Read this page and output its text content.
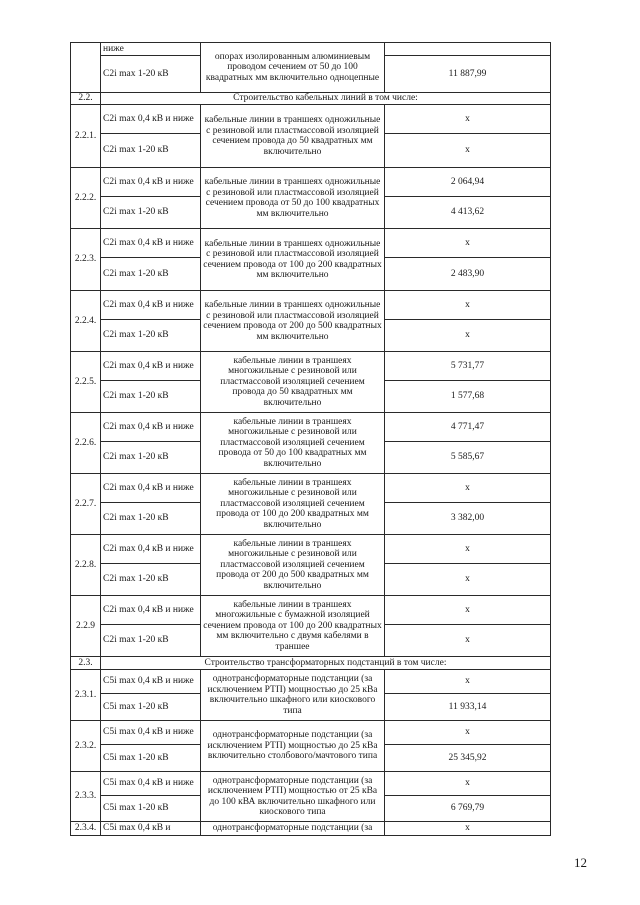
	ниже	опорах изолированным алюминиевым проводом сечением от 50 до 100 квадратных мм включительно одноцепные	
	C2i max 1-20 кВ		11 887,99
2.2.	Строительство кабельных линий в том числе:		
2.2.1.	C2i max 0,4 кВ и ниже	кабельные линии в траншеях одножильные с резиновой или пластмассовой изоляцией сечением провода до 50 квадратных мм включительно	x
	C2i max 1-20 кВ		x
2.2.2.	C2i max 0,4 кВ и ниже	кабельные линии в траншеях одножильные с резиновой или пластмассовой изоляцией сечением провода от 50 до 100 квадратных мм включительно	2 064,94
	C2i max 1-20 кВ		4 413,62
2.2.3.	C2i max 0,4 кВ и ниже	кабельные линии в траншеях одножильные с резиновой или пластмассовой изоляцией сечением провода от 100 до 200 квадратных мм включительно	x
	C2i max 1-20 кВ		2 483,90
2.2.4.	C2i max 0,4 кВ и ниже	кабельные линии в траншеях одножильные с резиновой или пластмассовой изоляцией сечением провода от 200 до 500 квадратных мм включительно	x
	C2i max 1-20 кВ		x
2.2.5.	C2i max 0,4 кВ и ниже	кабельные линии в траншеях многожильные с резиновой или пластмассовой изоляцией сечением провода до 50 квадратных мм включительно	5 731,77
	C2i max 1-20 кВ		1 577,68
2.2.6.	C2i max 0,4 кВ и ниже	кабельные линии в траншеях многожильные с резиновой или пластмассовой изоляцией сечением провода от 50 до 100 квадратных мм включительно	4 771,47
	C2i max 1-20 кВ		5 585,67
2.2.7.	C2i max 0,4 кВ и ниже	кабельные линии в траншеях многожильные с резиновой или пластмассовой изоляцией сечением провода от 100 до 200 квадратных мм включительно	x
	C2i max 1-20 кВ		3 382,00
2.2.8.	C2i max 0,4 кВ и ниже	кабельные линии в траншеях многожильные с резиновой или пластмассовой изоляцией сечением провода от 200 до 500 квадратных мм включительно	x
	C2i max 1-20 кВ		x
2.2.9	C2i max 0,4 кВ и ниже	кабельные линии в траншеях многожильные с бумажной изоляцией сечением провода от 100 до 200 квадратных мм включительно с двумя кабелями в траншее	x
	C2i max 1-20 кВ		x
2.3.	Строительство трансформаторных подстанций в том числе:		
2.3.1.	C5i max 0,4 кВ и ниже	однотрансформаторные подстанции (за исключением РТП) мощностью до 25 кВа включительно шкафного или киоскового типа	x
	C5i max 1-20 кВ		11 933,14
2.3.2.	C5i max 0,4 кВ и ниже	однотрансформаторные подстанции (за исключением РТП) мощностью до 25 кВа включительно столбового/мачтового типа	x
	C5i max 1-20 кВ		25 345,92
2.3.3.	C5i max 0,4 кВ и ниже	однотрансформаторные подстанции (за исключением РТП) мощностью от 25 кВа до 100 кВА включительно шкафного или киоскового типа	x
	C5i max 1-20 кВ		6 769,79
2.3.4.	C5i max 0,4 кВ и	однотрансформаторные подстанции (за	x
12
